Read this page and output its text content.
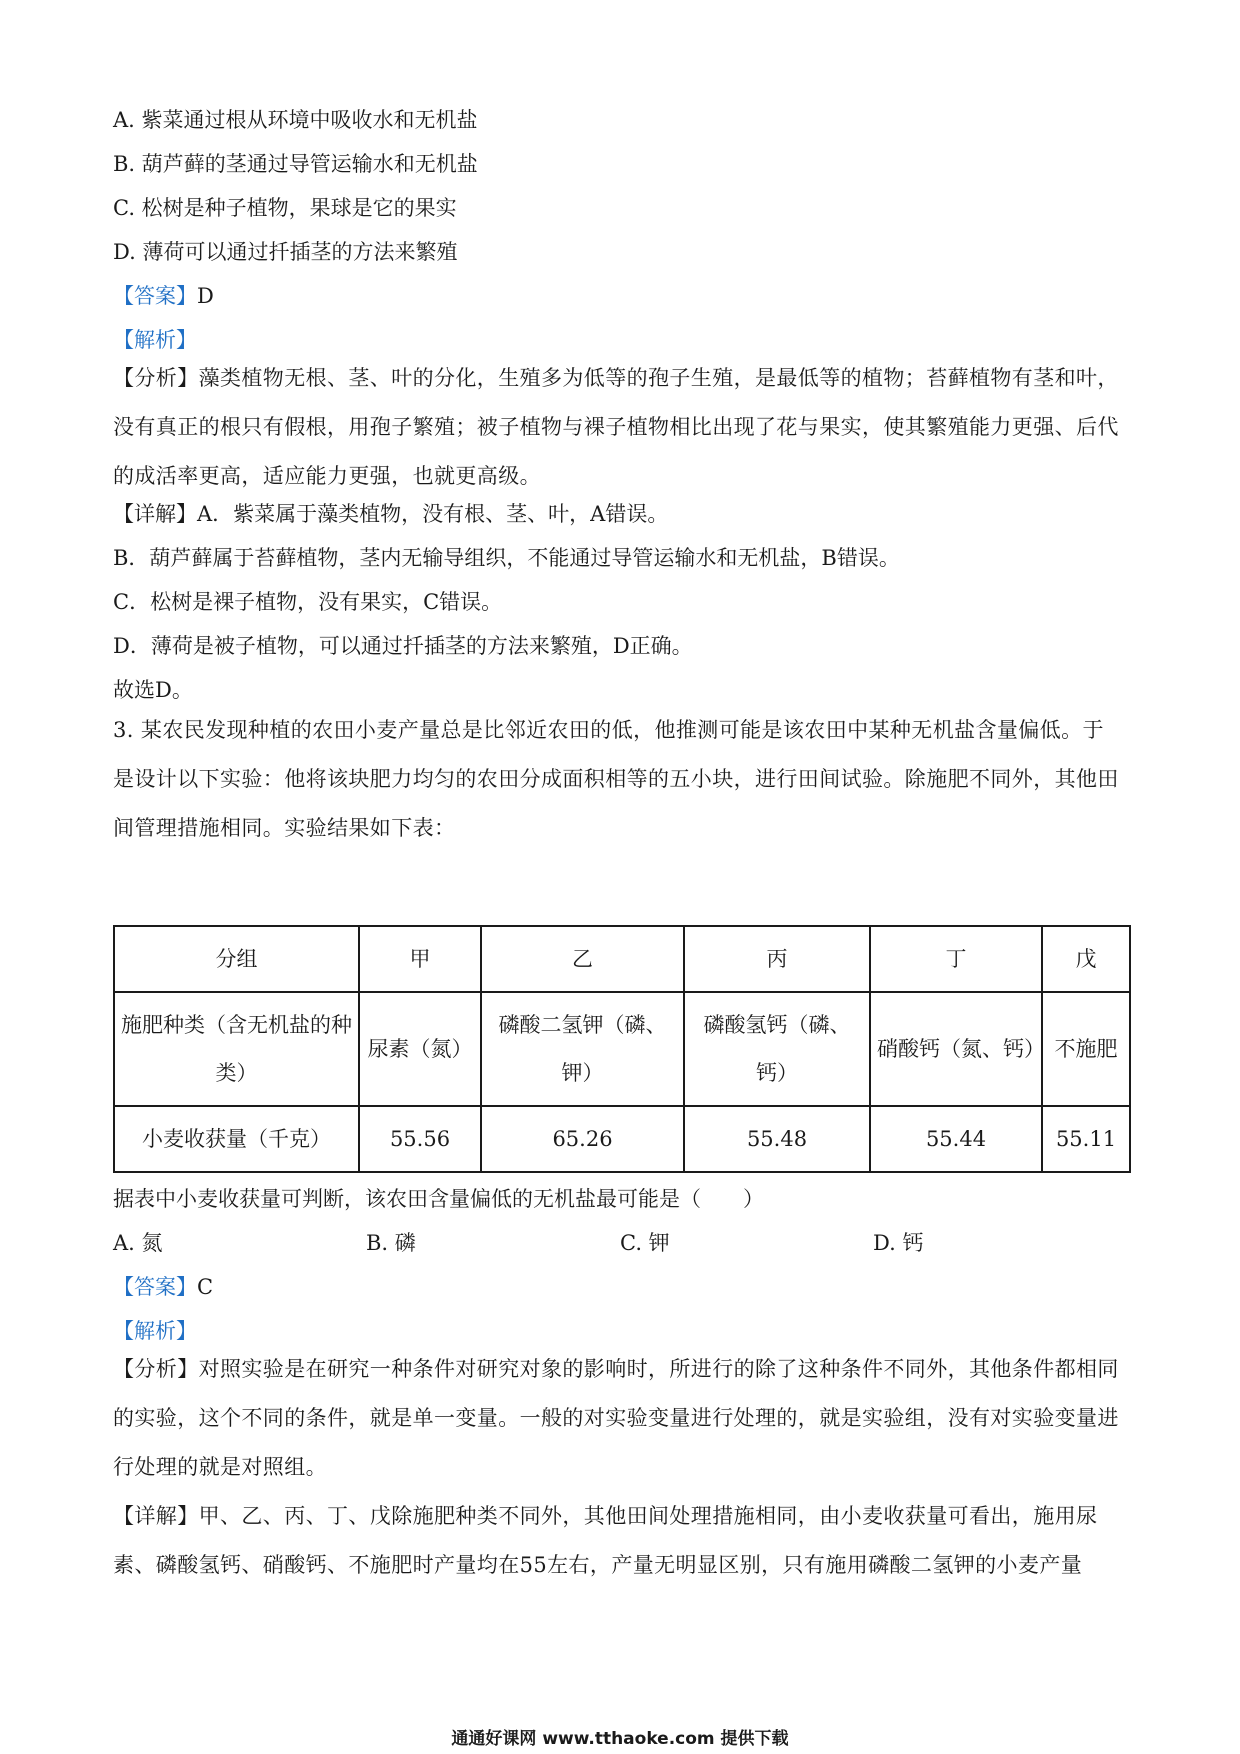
A. 紫菜通过根从环境中吸收水和无机盐
B. 葫芦藓的茎通过导管运输水和无机盐
C. 松树是种子植物，果球是它的果实
D. 薄荷可以通过扦插茎的方法来繁殖
【答案】D
【解析】
【分析】藻类植物无根、茎、叶的分化，生殖多为低等的孢子生殖，是最低等的植物；苔藓植物有茎和叶，没有真正的根只有假根，用孢子繁殖；被子植物与裸子植物相比出现了花与果实，使其繁殖能力更强、后代的成活率更高，适应能力更强，也就更高级。
【详解】A．紫菜属于藻类植物，没有根、茎、叶，A错误。
B．葫芦藓属于苔藓植物，茎内无输导组织，不能通过导管运输水和无机盐，B错误。
C．松树是裸子植物，没有果实，C错误。
D．薄荷是被子植物，可以通过扦插茎的方法来繁殖，D正确。
故选D。
3. 某农民发现种植的农田小麦产量总是比邻近农田的低，他推测可能是该农田中某种无机盐含量偏低。于是设计以下实验：他将该块肥力均匀的农田分成面积相等的五小块，进行田间试验。除施肥不同外，其他田间管理措施相同。实验结果如下表：
分组	甲	乙	丙	丁	戊
施肥种类（含无机盐的种类）	尿素（氮）	磷酸二氢钾（磷、钾）	磷酸氢钙（磷、钙）	硝酸钙（氮、钙）	不施肥
小麦收获量（千克）	55.56	65.26	55.48	55.44	55.11
据表中小麦收获量可判断，该农田含量偏低的无机盐最可能是（　　）
A. 氮	B. 磷	C. 钾	D. 钙
【答案】C
【解析】
【分析】对照实验是在研究一种条件对研究对象的影响时，所进行的除了这种条件不同外，其他条件都相同的实验，这个不同的条件，就是单一变量。一般的对实验变量进行处理的，就是实验组，没有对实验变量进行处理的就是对照组。
【详解】甲、乙、丙、丁、戊除施肥种类不同外，其他田间处理措施相同，由小麦收获量可看出，施用尿素、磷酸氢钙、硝酸钙、不施肥时产量均在55左右，产量无明显区别，只有施用磷酸二氢钾的小麦产量
通通好课网 www.tthaoke.com 提供下载
